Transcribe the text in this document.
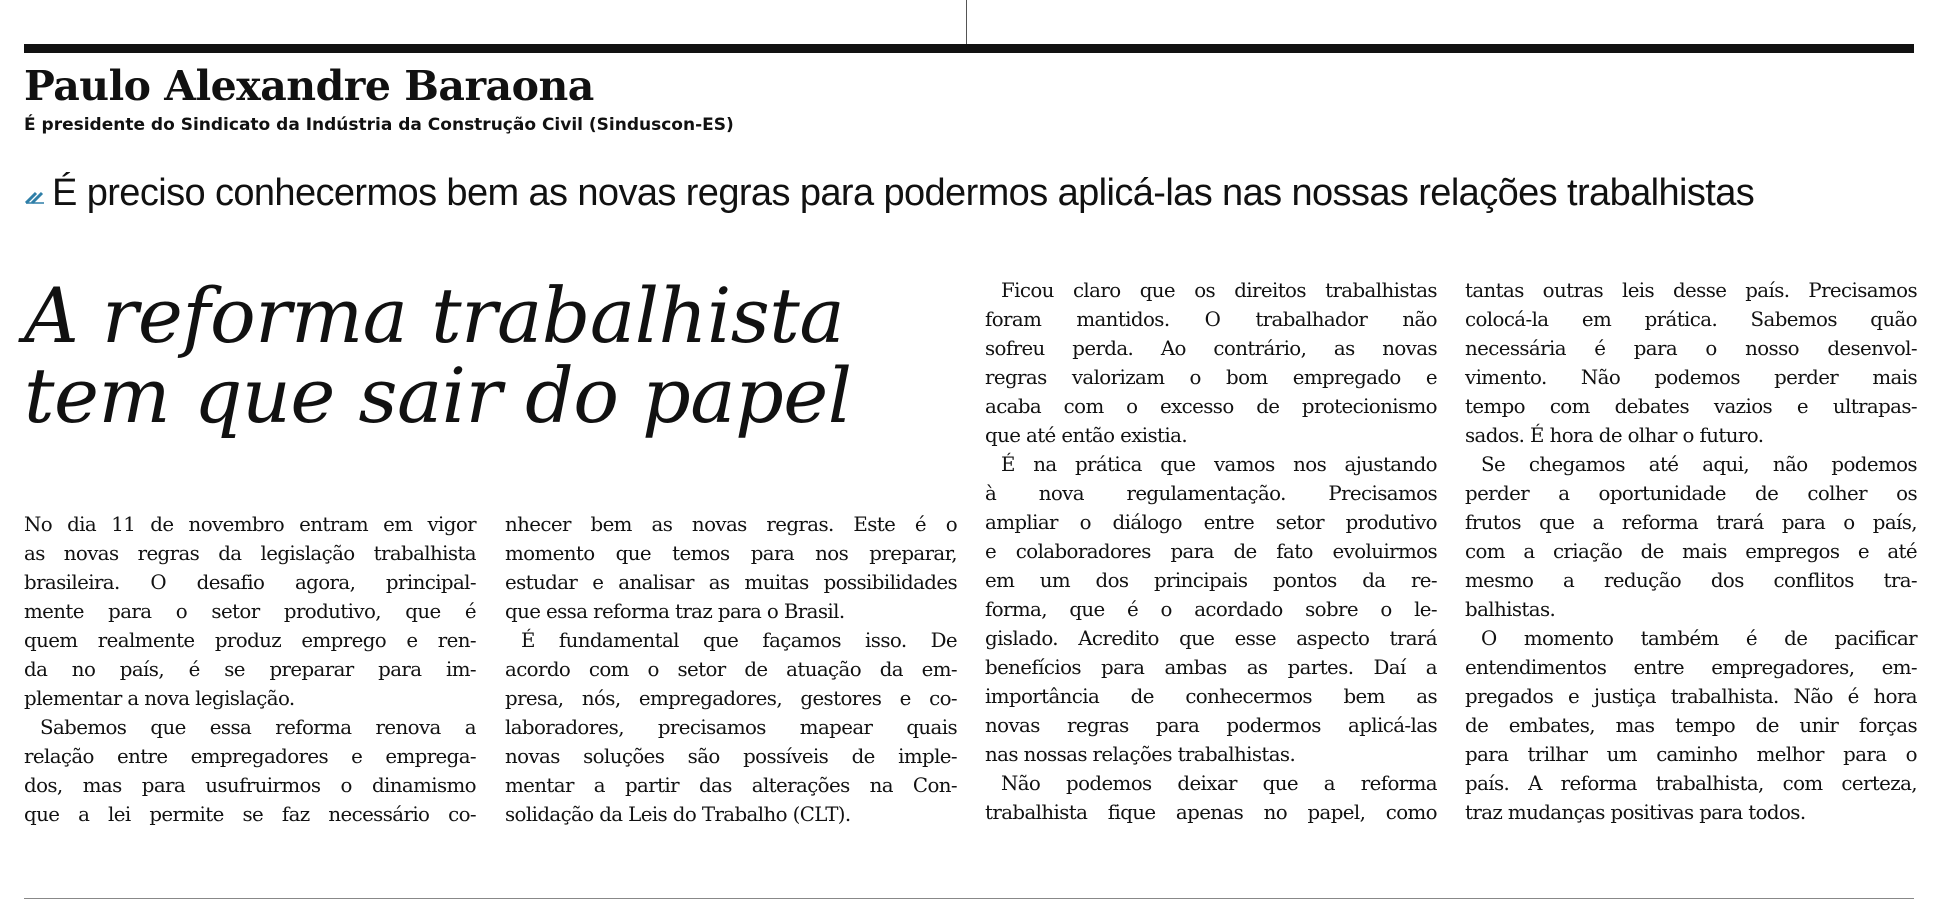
Paulo Alexandre Baraona
É presidente do Sindicato da Indústria da Construção Civil (Sinduscon-ES)
É preciso conhecermos bem as novas regras para podermos aplicá-las nas nossas relações trabalhistas
A reforma trabalhista
tem que sair do papel
No dia 11 de novembro entram em vigor
as novas regras da legislação trabalhista
brasileira. O desafio agora, principal-
mente para o setor produtivo, que é
quem realmente produz emprego e ren-
da no país, é se preparar para im-
plementar a nova legislação.
Sabemos que essa reforma renova a
relação entre empregadores e emprega-
dos, mas para usufruirmos o dinamismo
que a lei permite se faz necessário co-
nhecer bem as novas regras. Este é o
momento que temos para nos preparar,
estudar e analisar as muitas possibilidades
que essa reforma traz para o Brasil.
É fundamental que façamos isso. De
acordo com o setor de atuação da em-
presa, nós, empregadores, gestores e co-
laboradores, precisamos mapear quais
novas soluções são possíveis de imple-
mentar a partir das alterações na Con-
solidação da Leis do Trabalho (CLT).
Ficou claro que os direitos trabalhistas
foram mantidos. O trabalhador não
sofreu perda. Ao contrário, as novas
regras valorizam o bom empregado e
acaba com o excesso de protecionismo
que até então existia.
É na prática que vamos nos ajustando
à nova regulamentação. Precisamos
ampliar o diálogo entre setor produtivo
e colaboradores para de fato evoluirmos
em um dos principais pontos da re-
forma, que é o acordado sobre o le-
gislado. Acredito que esse aspecto trará
benefícios para ambas as partes. Daí a
importância de conhecermos bem as
novas regras para podermos aplicá-las
nas nossas relações trabalhistas.
Não podemos deixar que a reforma
trabalhista fique apenas no papel, como
tantas outras leis desse país. Precisamos
colocá-la em prática. Sabemos quão
necessária é para o nosso desenvol-
vimento. Não podemos perder mais
tempo com debates vazios e ultrapas-
sados. É hora de olhar o futuro.
Se chegamos até aqui, não podemos
perder a oportunidade de colher os
frutos que a reforma trará para o país,
com a criação de mais empregos e até
mesmo a redução dos conflitos tra-
balhistas.
O momento também é de pacificar
entendimentos entre empregadores, em-
pregados e justiça trabalhista. Não é hora
de embates, mas tempo de unir forças
para trilhar um caminho melhor para o
país. A reforma trabalhista, com certeza,
traz mudanças positivas para todos.
